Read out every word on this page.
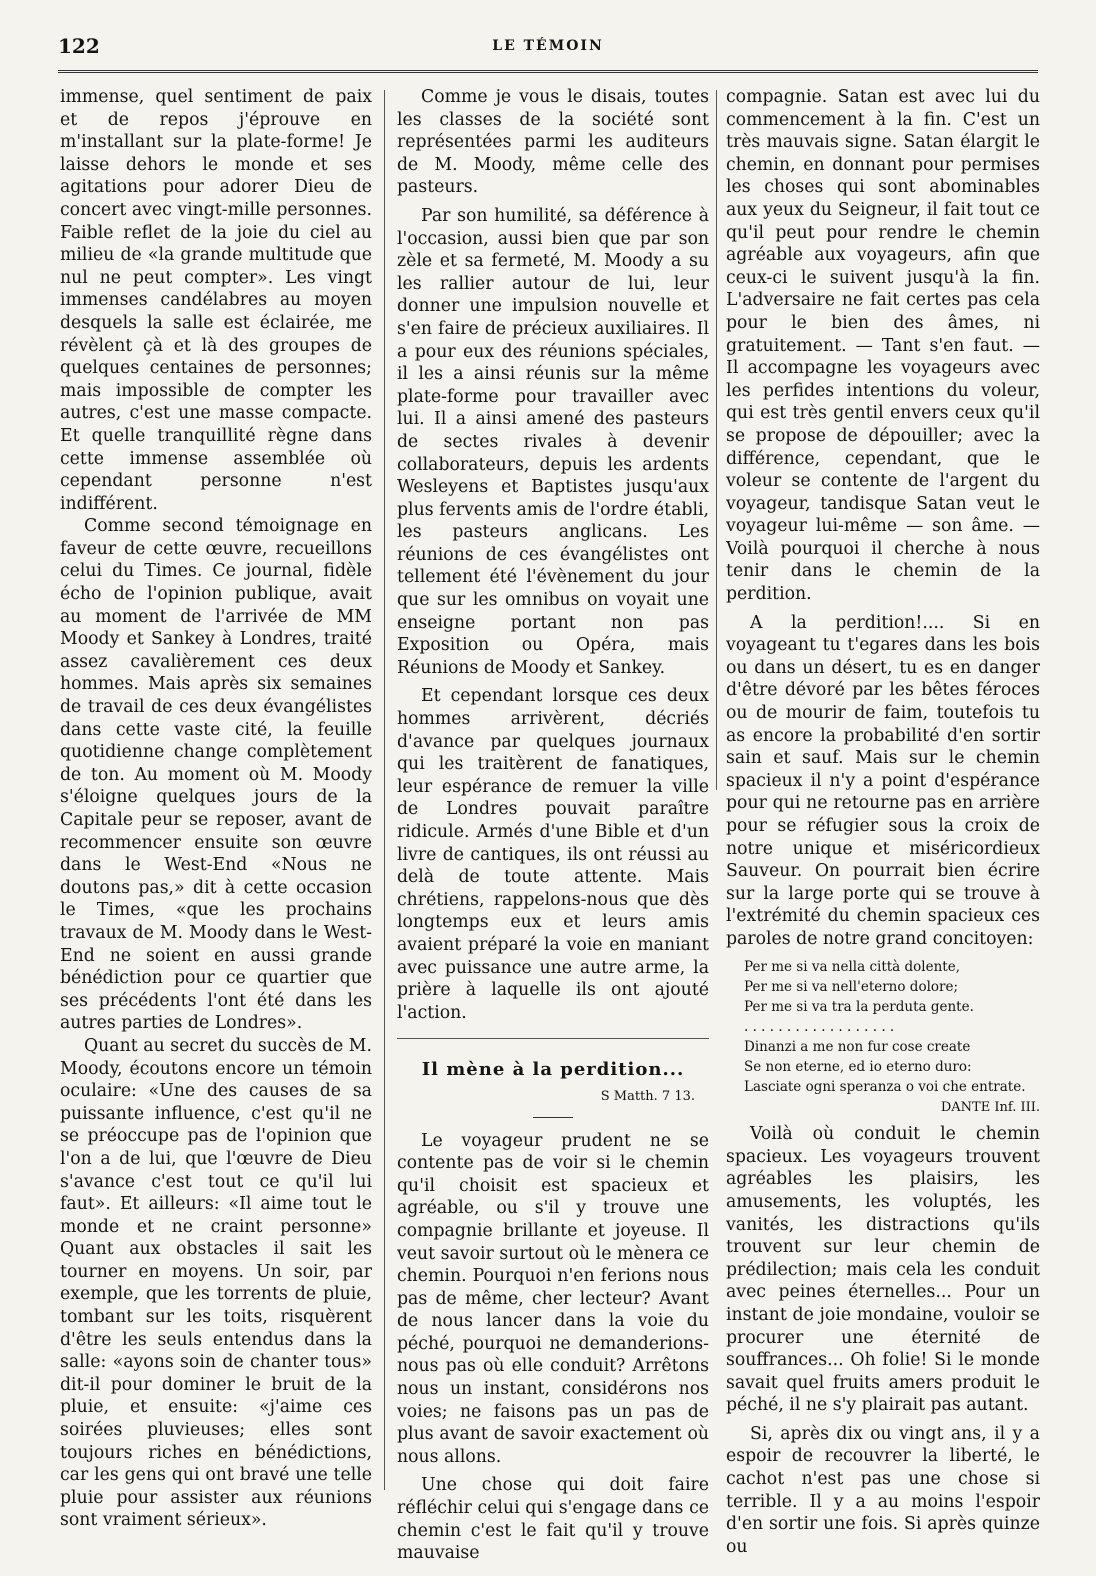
122	LE TÉMOIN

immense, quel sentiment de paix et de repos j'éprouve en m'installant sur la plate-forme! Je laisse dehors le monde et ses agitations pour adorer Dieu de concert avec vingt-mille personnes. Faible reflet de la joie du ciel au milieu de «la grande multitude que nul ne peut compter». Les vingt immenses candélabres au moyen desquels la salle est éclairée, me révèlent çà et là des groupes de quelques centaines de personnes; mais impossible de compter les autres, c'est une masse compacte. Et quelle tranquillité règne dans cette immense assemblée où cependant personne n'est indifférent.

Comme second témoignage en faveur de cette œuvre, recueillons celui du Times. Ce journal, fidèle écho de l'opinion publique, avait au moment de l'arrivée de MM Moody et Sankey à Londres, traité assez cavalièrement ces deux hommes. Mais après six semaines de travail de ces deux évangélistes dans cette vaste cité, la feuille quotidienne change complètement de ton. Au moment où M. Moody s'éloigne quelques jours de la Capitale peur se reposer, avant de recommencer ensuite son œuvre dans le West-End «Nous ne doutons pas,» dit à cette occasion le Times, «que les prochains travaux de M. Moody dans le West-End ne soient en aussi grande bénédiction pour ce quartier que ses précédents l'ont été dans les autres parties de Londres».

Quant au secret du succès de M. Moody, écoutons encore un témoin oculaire: «Une des causes de sa puissante influence, c'est qu'il ne se préoccupe pas de l'opinion que l'on a de lui, que l'œuvre de Dieu s'avance c'est tout ce qu'il lui faut». Et ailleurs: «Il aime tout le monde et ne craint personne» Quant aux obstacles il sait les tourner en moyens. Un soir, par exemple, que les torrents de pluie, tombant sur les toits, risquèrent d'être les seuls entendus dans la salle: «ayons soin de chanter tous» dit-il pour dominer le bruit de la pluie, et ensuite: «j'aime ces soirées pluvieuses; elles sont toujours riches en bénédictions, car les gens qui ont bravé une telle pluie pour assister aux réunions sont vraiment sérieux».

Comme je vous le disais, toutes les classes de la société sont représentées parmi les auditeurs de M. Moody, même celle des pasteurs.

Par son humilité, sa déférence à l'occasion, aussi bien que par son zèle et sa fermeté, M. Moody a su les rallier autour de lui, leur donner une impulsion nouvelle et s'en faire de précieux auxiliaires. Il a pour eux des réunions spéciales, il les a ainsi réunis sur la même plate-forme pour travailler avec lui. Il a ainsi amené des pasteurs de sectes rivales à devenir collaborateurs, depuis les ardents Wesleyens et Baptistes jusqu'aux plus fervents amis de l'ordre établi, les pasteurs anglicans. Les réunions de ces évangélistes ont tellement été l'évènement du jour que sur les omnibus on voyait une enseigne portant non pas Exposition ou Opéra, mais Réunions de Moody et Sankey.

Et cependant lorsque ces deux hommes arrivèrent, décriés d'avance par quelques journaux qui les traitèrent de fanatiques, leur espérance de remuer la ville de Londres pouvait paraître ridicule. Armés d'une Bible et d'un livre de cantiques, ils ont réussi au delà de toute attente. Mais chrétiens, rappelons-nous que dès longtemps eux et leurs amis avaient préparé la voie en maniant avec puissance une autre arme, la prière à laquelle ils ont ajouté l'action.

Il mène à la perdition...
S Matth. 7 13.

Le voyageur prudent ne se contente pas de voir si le chemin qu'il choisit est spacieux et agréable, ou s'il y trouve une compagnie brillante et joyeuse. Il veut savoir surtout où le mènera ce chemin. Pourquoi n'en ferions nous pas de même, cher lecteur? Avant de nous lancer dans la voie du péché, pourquoi ne demanderions-nous pas où elle conduit? Arrêtons nous un instant, considérons nos voies; ne faisons pas un pas de plus avant de savoir exactement où nous allons.

Une chose qui doit faire réfléchir celui qui s'engage dans ce chemin c'est le fait qu'il y trouve mauvaise

compagnie. Satan est avec lui du commencement à la fin. C'est un très mauvais signe. Satan élargit le chemin, en donnant pour permises les choses qui sont abominables aux yeux du Seigneur, il fait tout ce qu'il peut pour rendre le chemin agréable aux voyageurs, afin que ceux-ci le suivent jusqu'à la fin. L'adversaire ne fait certes pas cela pour le bien des âmes, ni gratuitement. — Tant s'en faut. — Il accompagne les voyageurs avec les perfides intentions du voleur, qui est très gentil envers ceux qu'il se propose de dépouiller; avec la différence, cependant, que le voleur se contente de l'argent du voyageur, tandisque Satan veut le voyageur lui-même — son âme. — Voilà pourquoi il cherche à nous tenir dans le chemin de la perdition.

A la perdition!.... Si en voyageant tu t'egares dans les bois ou dans un désert, tu es en danger d'être dévoré par les bêtes féroces ou de mourir de faim, toutefois tu as encore la probabilité d'en sortir sain et sauf. Mais sur le chemin spacieux il n'y a point d'espérance pour qui ne retourne pas en arrière pour se réfugier sous la croix de notre unique et miséricordieux Sauveur. On pourrait bien écrire sur la large porte qui se trouve à l'extrémité du chemin spacieux ces paroles de notre grand concitoyen:

Per me si va nella città dolente,
Per me si va nell'eterno dolore;
Per me si va tra la perduta gente.
. . . . . . . . . . . . . . . . . .
Dinanzi a me non fur cose create
Se non eterne, ed io eterno duro:
Lasciate ogni speranza o voi che entrate.
DANTE Inf. III.

Voilà où conduit le chemin spacieux. Les voyageurs trouvent agréables les plaisirs, les amusements, les voluptés, les vanités, les distractions qu'ils trouvent sur leur chemin de prédilection; mais cela les conduit avec peines éternelles... Pour un instant de joie mondaine, vouloir se procurer une éternité de souffrances... Oh folie! Si le monde savait quel fruits amers produit le péché, il ne s'y plairait pas autant.

Si, après dix ou vingt ans, il y a espoir de recouvrer la liberté, le cachot n'est pas une chose si terrible. Il y a au moins l'espoir d'en sortir une fois. Si après quinze ou
